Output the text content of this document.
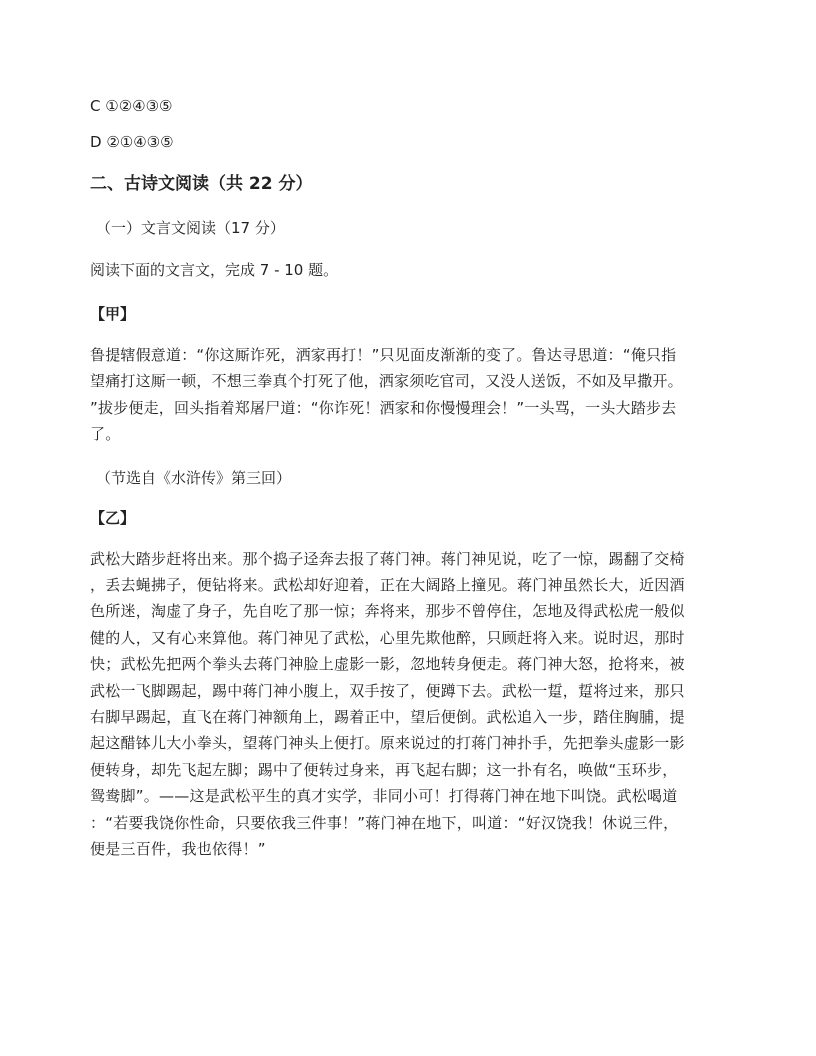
C ①②④③⑤
D ②①④③⑤
二、古诗文阅读（共 22 分）
（一）文言文阅读（17 分）
阅读下面的文言文，完成 7 - 10 题。
【甲】
鲁提辖假意道：“你这厮诈死，洒家再打！”只见面皮渐渐的变了。鲁达寻思道：“俺只指
望痛打这厮一顿，不想三拳真个打死了他，洒家须吃官司，又没人送饭，不如及早撒开。
”拔步便走，回头指着郑屠尸道：“你诈死！洒家和你慢慢理会！”一头骂，一头大踏步去
了。
（节选自《水浒传》第三回）
【乙】
武松大踏步赶将出来。那个捣子迳奔去报了蒋门神。蒋门神见说，吃了一惊，踢翻了交椅
，丢去蝇拂子，便钻将来。武松却好迎着，正在大阔路上撞见。蒋门神虽然长大，近因酒
色所迷，淘虚了身子，先自吃了那一惊；奔将来，那步不曾停住，怎地及得武松虎一般似
健的人，又有心来算他。蒋门神见了武松，心里先欺他醉，只顾赶将入来。说时迟，那时
快；武松先把两个拳头去蒋门神脸上虚影一影，忽地转身便走。蒋门神大怒，抢将来，被
武松一飞脚踢起，踢中蒋门神小腹上，双手按了，便蹲下去。武松一踅，踅将过来，那只
右脚早踢起，直飞在蒋门神额角上，踢着正中，望后便倒。武松追入一步，踏住胸脯，提
起这醋钵儿大小拳头，望蒋门神头上便打。原来说过的打蒋门神扑手，先把拳头虚影一影
便转身，却先飞起左脚；踢中了便转过身来，再飞起右脚；这一扑有名，唤做“玉环步，
鸳鸯脚”。——这是武松平生的真才实学，非同小可！打得蒋门神在地下叫饶。武松喝道
：“若要我饶你性命，只要依我三件事！”蒋门神在地下，叫道：“好汉饶我！休说三件，
便是三百件，我也依得！”
